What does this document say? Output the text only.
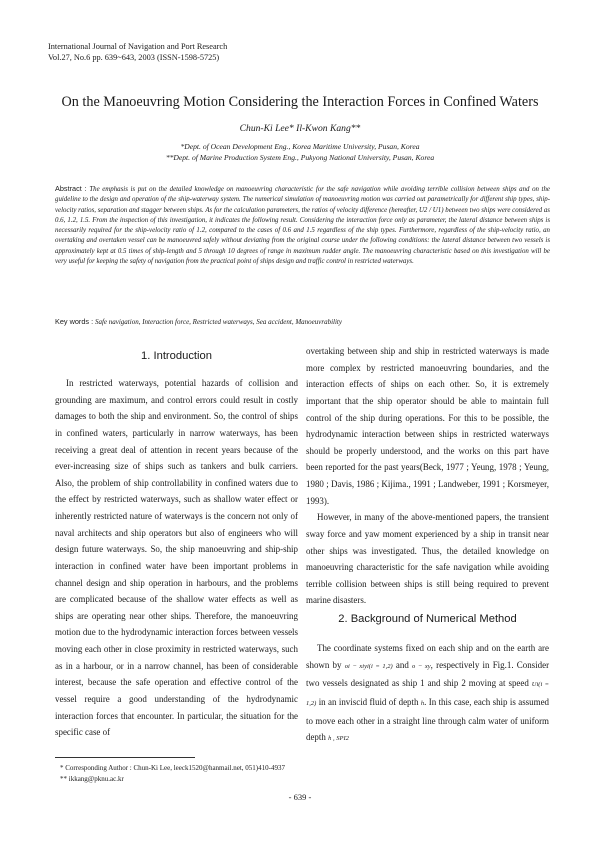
International Journal of Navigation and Port Research
Vol.27, No.6 pp. 639~643, 2003 (ISSN-1598-5725)
On the Manoeuvring Motion Considering the Interaction Forces in Confined Waters
Chun-Ki Lee* Il-Kwon Kang**
*Dept. of Ocean Development Eng., Korea Maritime University, Pusan, Korea
**Dept. of Marine Production System Eng., Pukyong National University, Pusan, Korea
Abstract : The emphasis is put on the detailed knowledge on manoeuvring characteristic for the safe navigation while avoiding terrible collision between ships and on the guideline to the design and operation of the ship-waterway system. The numerical simulation of manoeuvring motion was carried out parametrically for different ship types, ship-velocity ratios, separation and stagger between ships. As for the calculation parameters, the ratios of velocity difference (hereafter, U2 / U1) between two ships were considered as 0.6, 1.2, 1.5. From the inspection of this investigation, it indicates the following result. Considering the interaction force only as parameter, the lateral distance between ships is necessarily required for the ship-velocity ratio of 1.2, compared to the cases of 0.6 and 1.5 regardless of the ship types. Furthermore, regardless of the ship-velocity ratio, an overtaking and overtaken vessel can be manoeuvred safely without deviating from the original course under the following conditions: the lateral distance between two vessels is approximately kept at 0.5 times of ship-length and 5 through 10 degrees of range in maximum rudder angle. The manoeuvring characteristic based on this investigation will be very useful for keeping the safety of navigation from the practical point of ships design and traffic control in restricted waterways.
Key words : Safe navigation, Interaction force, Restricted waterways, Sea accident, Manoeuvrability
1. Introduction

In restricted waterways, potential hazards of collision and grounding are maximum, and control errors could result in costly damages to both the ship and environment. So, the control of ships in confined waters, particularly in narrow waterways, has been receiving a great deal of attention in recent years because of the ever-increasing size of ships such as tankers and bulk carriers. Also, the problem of ship controllability in confined waters due to the effect by restricted waterways, such as shallow water effect or inherently restricted nature of waterways is the concern not only of naval architects and ship operators but also of engineers who will design future waterways. So, the ship manoeuvring and ship-ship interaction in confined water have been important problems in channel design and ship operation in harbours, and the problems are complicated because of the shallow water effects as well as ships are operating near other ships. Therefore, the manoeuvring motion due to the hydrodynamic interaction forces between vessels moving each other in close proximity in restricted waterways, such as in a harbour, or in a narrow channel, has been of considerable interest, because the safe operation and effective control of the vessel require a good understanding of the hydrodynamic interaction forces that encounter. In particular, the situation for the specific case of

overtaking between ship and ship in restricted waterways is made more complex by restricted manoeuvring boundaries, and the interaction effects of ships on each other. So, it is extremely important that the ship operator should be able to maintain full control of the ship during operations. For this to be possible, the hydrodynamic interaction between ships in restricted waterways should be properly understood, and the works on this part have been reported for the past years(Beck, 1977 ; Yeung, 1978 ; Yeung, 1980 ; Davis, 1986 ; Kijima., 1991 ; Landweber, 1991 ; Korsmeyer, 1993).

However, in many of the above-mentioned papers, the transient sway force and yaw moment experienced by a ship in transit near other ships was investigated. Thus, the detailed knowledge on manoeuvring characteristic for the safe navigation while avoiding terrible collision between ships is still being required to prevent marine disasters.

2. Background of Numerical Method

The coordinate systems fixed on each ship and on the earth are shown by oi − xiyi(i = 1,2) and o − xy, respectively in Fig.1. Consider two vessels designated as ship 1 and ship 2 moving at speed Ui(i = 1,2) in an inviscid fluid of depth h. In this case, each ship is assumed to move each other in a straight line through calm water of uniform depth h , SPI2

* Corresponding Author : Chun-Ki Lee, leeck1520@hanmail.net, 051)410-4937
** ikkang@pknu.ac.kr
- 639 -
